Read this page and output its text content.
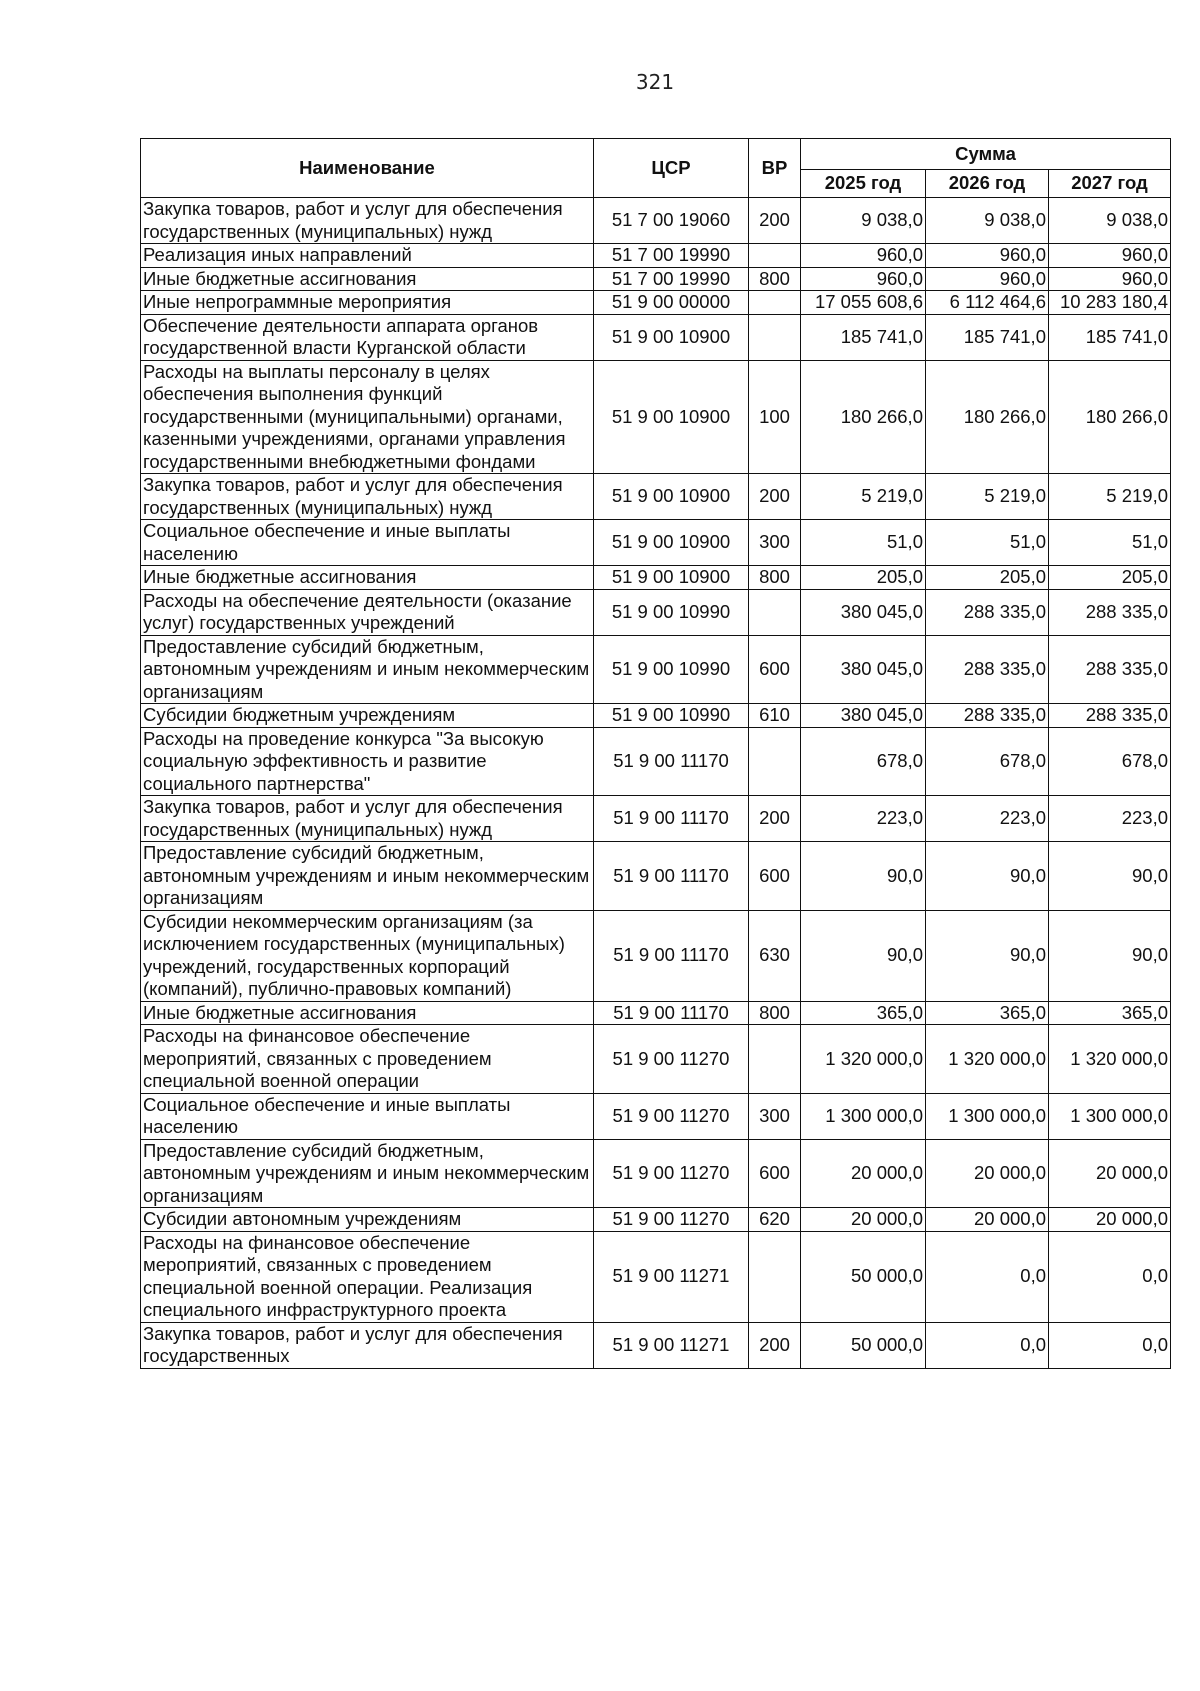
321
Наименование	ЦСР	ВР	Сумма		
			2025 год	2026 год	2027 год
Закупка товаров, работ и услуг для обеспечения государственных (муниципальных) нужд	51 7 00 19060	200	9 038,0	9 038,0	9 038,0
Реализация иных направлений	51 7 00 19990		960,0	960,0	960,0
Иные бюджетные ассигнования	51 7 00 19990	800	960,0	960,0	960,0
Иные непрограммные мероприятия	51 9 00 00000		17 055 608,6	6 112 464,6	10 283 180,4
Обеспечение деятельности аппарата органов государственной власти Курганской области	51 9 00 10900		185 741,0	185 741,0	185 741,0
Расходы на выплаты персоналу в целях обеспечения выполнения функций государственными (муниципальными) органами, казенными учреждениями, органами управления государственными внебюджетными фондами	51 9 00 10900	100	180 266,0	180 266,0	180 266,0
Закупка товаров, работ и услуг для обеспечения государственных (муниципальных) нужд	51 9 00 10900	200	5 219,0	5 219,0	5 219,0
Социальное обеспечение и иные выплаты населению	51 9 00 10900	300	51,0	51,0	51,0
Иные бюджетные ассигнования	51 9 00 10900	800	205,0	205,0	205,0
Расходы на обеспечение деятельности (оказание услуг) государственных учреждений	51 9 00 10990		380 045,0	288 335,0	288 335,0
Предоставление субсидий бюджетным, автономным учреждениям и иным некоммерческим организациям	51 9 00 10990	600	380 045,0	288 335,0	288 335,0
Субсидии бюджетным учреждениям	51 9 00 10990	610	380 045,0	288 335,0	288 335,0
Расходы на проведение конкурса "За высокую социальную эффективность и развитие социального партнерства"	51 9 00 11170		678,0	678,0	678,0
Закупка товаров, работ и услуг для обеспечения государственных (муниципальных) нужд	51 9 00 11170	200	223,0	223,0	223,0
Предоставление субсидий бюджетным, автономным учреждениям и иным некоммерческим организациям	51 9 00 11170	600	90,0	90,0	90,0
Субсидии некоммерческим организациям (за исключением государственных (муниципальных) учреждений, государственных корпораций (компаний), публично-правовых компаний)	51 9 00 11170	630	90,0	90,0	90,0
Иные бюджетные ассигнования	51 9 00 11170	800	365,0	365,0	365,0
Расходы на финансовое обеспечение мероприятий, связанных с проведением специальной военной операции	51 9 00 11270		1 320 000,0	1 320 000,0	1 320 000,0
Социальное обеспечение и иные выплаты населению	51 9 00 11270	300	1 300 000,0	1 300 000,0	1 300 000,0
Предоставление субсидий бюджетным, автономным учреждениям и иным некоммерческим организациям	51 9 00 11270	600	20 000,0	20 000,0	20 000,0
Субсидии автономным учреждениям	51 9 00 11270	620	20 000,0	20 000,0	20 000,0
Расходы на финансовое обеспечение мероприятий, связанных с проведением специальной военной операции. Реализация специального инфраструктурного проекта	51 9 00 11271		50 000,0	0,0	0,0
Закупка товаров, работ и услуг для обеспечения государственных	51 9 00 11271	200	50 000,0	0,0	0,0
